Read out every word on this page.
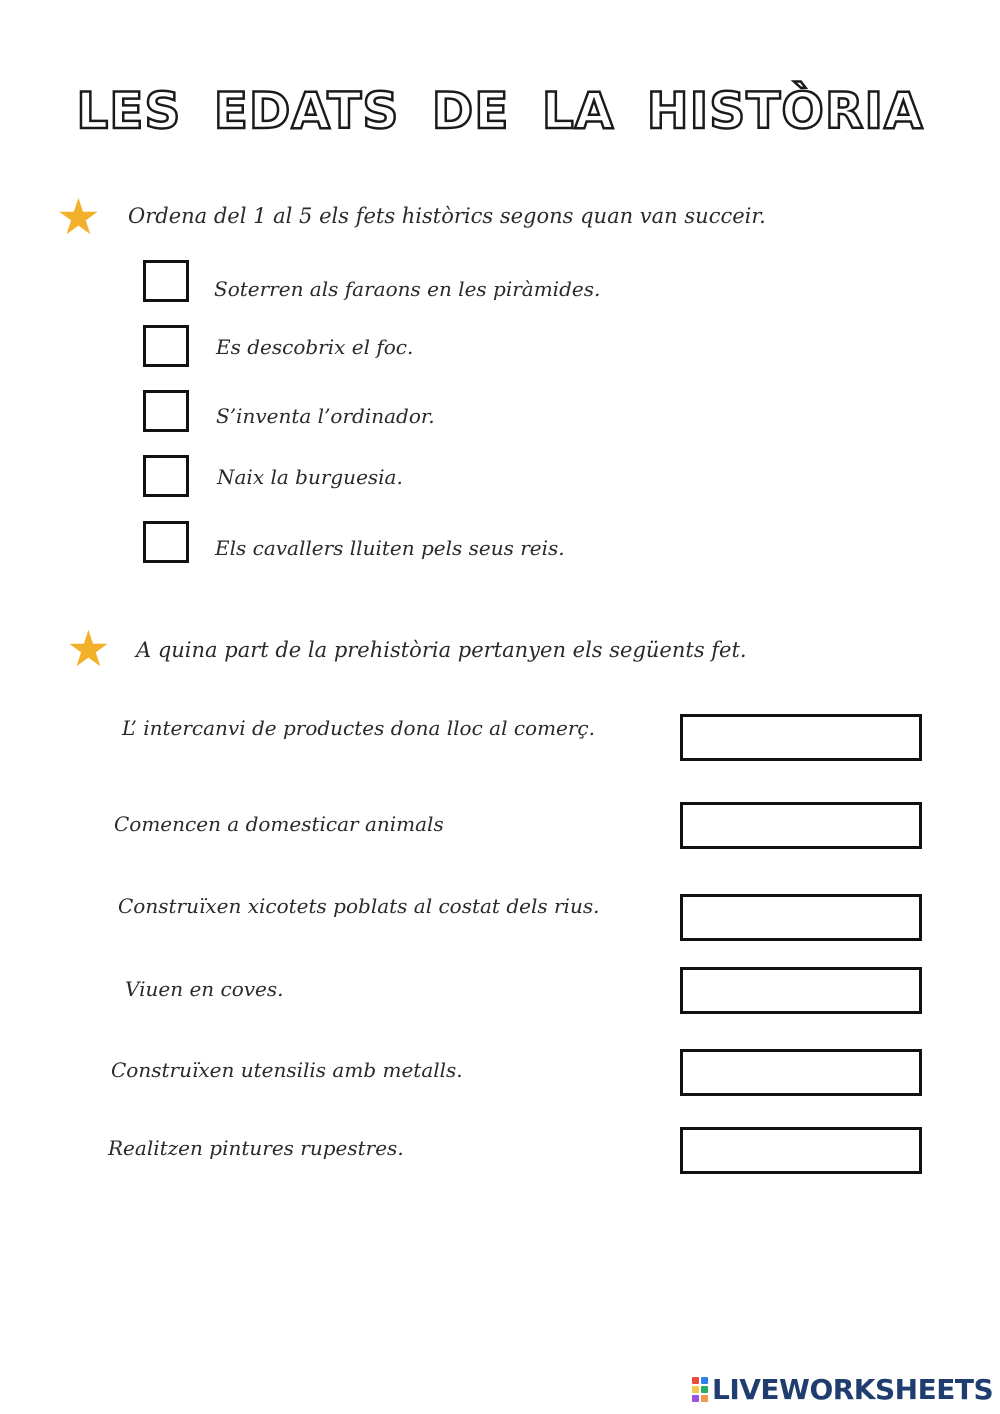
LES EDATS DE LA HISTÒRIA
★ Ordena del 1 al 5 els fets històrics segons quan van succeir.
Soterren als faraons en les piràmides.
Es descobrix el foc.
S’inventa l’ordinador.
Naix la burguesia.
Els cavallers lluiten pels seus reis.
★ A quina part de la prehistòria pertanyen els següents fet.
L’ intercanvi de productes dona lloc al comerç.
Comencen a domesticar animals
Construïxen xicotets poblats al costat dels rius.
Viuen en coves.
Construïxen utensilis amb metalls.
Realitzen pintures rupestres.
LIVEWORKSHEETS
